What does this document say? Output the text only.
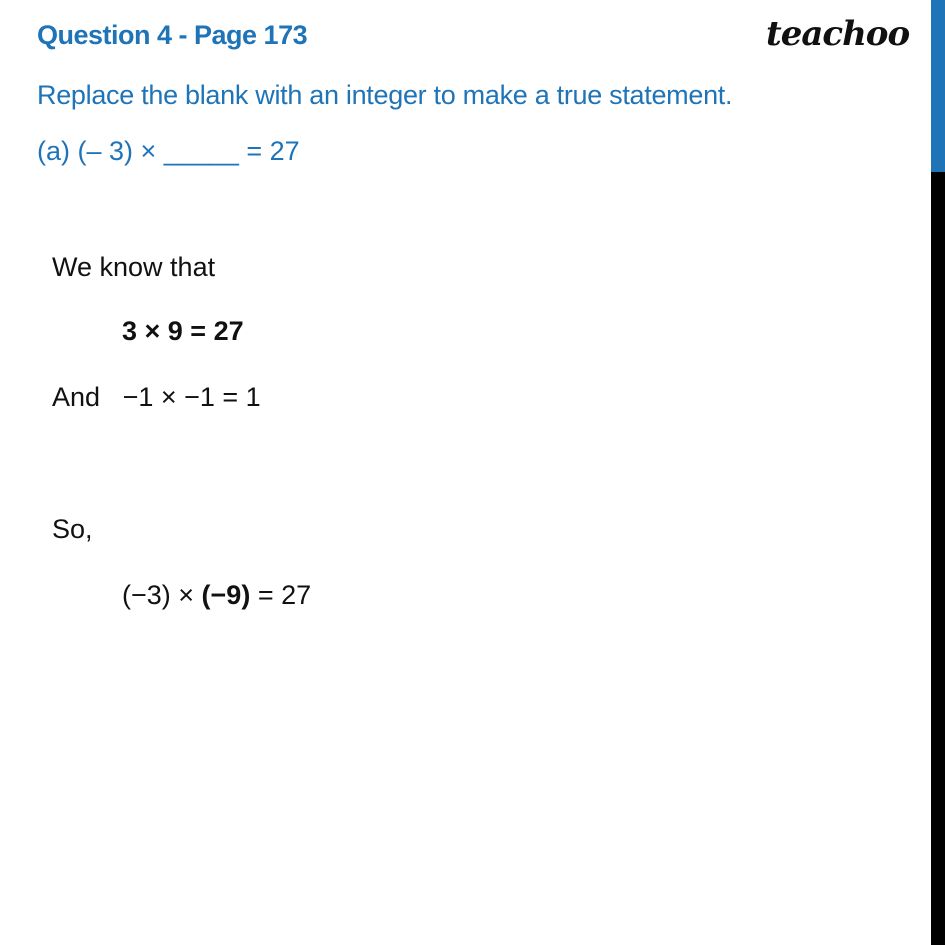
Question 4 - Page 173	teachoo
Replace the blank with an integer to make a true statement.
(a) (– 3) × _____ = 27
We know that
3 × 9 = 27
And −1 × −1 = 1
So,
(−3) × (−9) = 27
